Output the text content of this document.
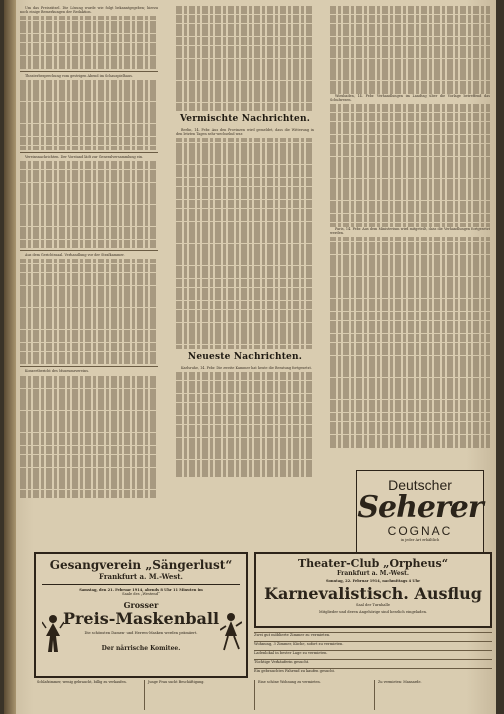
Um das Preisrätsel. Die Lösung wurde wie folgt bekanntgegeben; hierzu noch einige Bemerkungen der Redaktion.

Theaterbesprechung vom gestrigen Abend im Schauspielhaus.

Vereinsnachrichten. Der Vorstand lädt zur Generalversammlung ein.

Aus dem Gerichtssaal. Verhandlung vor der Strafkammer.

Konzertbericht des Museumsvereins.

Vermischte Nachrichten.

Berlin, 14. Febr. Aus den Provinzen wird gemeldet, dass die Witterung in den letzten Tagen sehr wechselnd war.

Neueste Nachrichten.

Karlsruhe, 14. Febr. Die zweite Kammer hat heute die Beratung fortgesetzt.

Wiesbaden, 14. Febr. Verhandlungen im Landtag über die Vorlage betreffend das Schulwesen.

Paris, 14. Febr. Aus dem Ministerium wird mitgeteilt, dass die Verhandlungen fortgesetzt werden.

Deutscher
Seherer
COGNAC
in jeder Art erhältlich
Gesangverein „Sängerlust“
Frankfurt a. M.-West.
Samstag, den 21. Februar 1914, abends 8 Uhr 11 Minuten im
Saale des „Westend“
Grosser
Preis-Maskenball
Die schönsten Damen- und Herren-Masken werden prämiiert.
Der närrische Komitee.
Theater-Club „Orpheus“
Frankfurt a. M.-West.
Sonntag, 22. Februar 1914, nachmittags 4 Uhr
Karnevalistisch. Ausflug
Saal der Turnhalle
Mitglieder und deren Angehörige sind herzlich eingeladen.
Zwei gut möblierte Zimmer zu vermieten.
Wohnung, 3 Zimmer, Küche, sofort zu vermieten.
Ladenlokal in bester Lage zu vermieten.
Tüchtige Verkäuferin gesucht.
Ein gebrauchtes Fahrrad zu kaufen gesucht.
Schlafzimmer, wenig gebraucht, billig zu verkaufen.	Junge Frau sucht Beschäftigung.	Eine schöne Wohnung zu vermieten.	Zu vermieten: Mansarde.
